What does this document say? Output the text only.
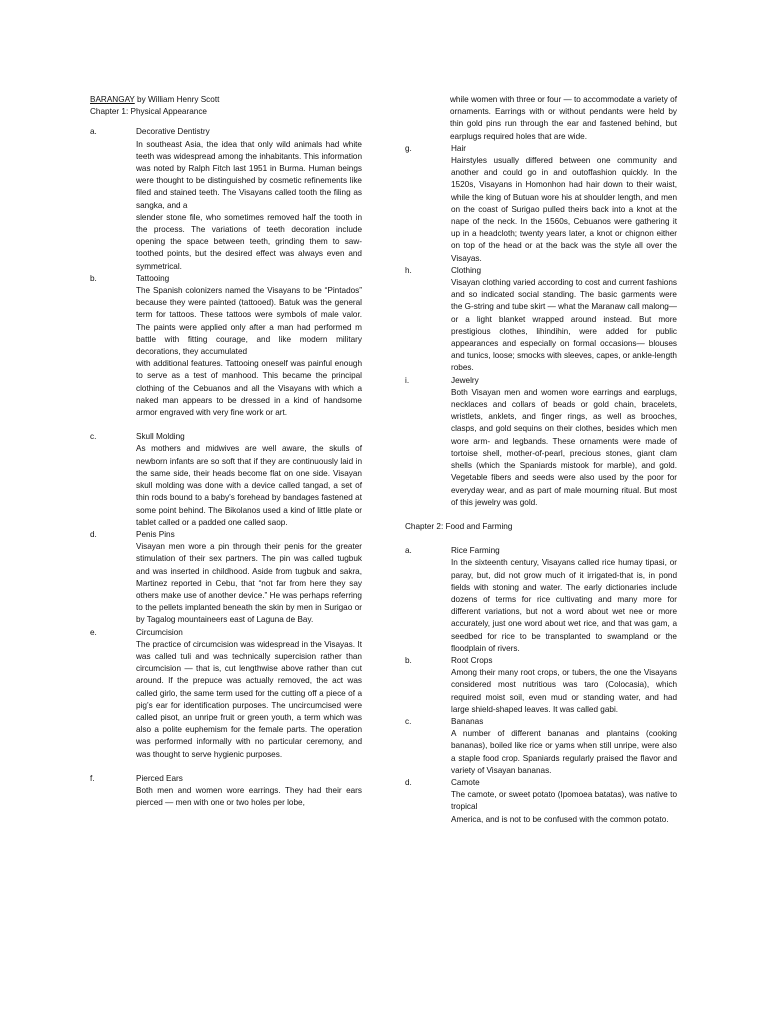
BARANGAY by William Henry Scott

Chapter 1: Physical Appearance

a.	Decorative Dentistry

In southeast Asia, the idea that only wild animals had white teeth was widespread among the inhabitants. This information was noted by Ralph Fitch last 1951 in Burma. Human beings were thought to be distinguished by cosmetic refinements like filed and stained teeth. The Visayans called tooth the filing as sangka, and a

slender stone file, who sometimes removed half the tooth in the process. The variations of teeth decoration include opening the space between teeth, grinding them to saw-toothed points, but the desired effect was always even and symmetrical.

b.	Tattooing

The Spanish colonizers named the Visayans to be “Pintados” because they were painted (tattooed). Batuk was the general term for tattoos. These tattoos were symbols of male valor. The paints were applied only after a man had performed m battle with fitting courage, and like modern military decorations, they accumulated

with additional features. Tattooing oneself was painful enough to serve as a test of manhood. This became the principal clothing of the Cebuanos and all the Visayans with which a naked man appears to be dressed in a kind of handsome armor engraved with very fine work or art.

c.	Skull Molding

As mothers and midwives are well aware, the skulls of newborn infants are so soft that if they are continuously laid in the same side, their heads become flat on one side. Visayan skull molding was done with a device called tangad, a set of thin rods bound to a baby’s forehead by bandages fastened at some point behind. The Bikolanos used a kind of little plate or tablet called or a padded one called saop.

d.	Penis Pins

Visayan men wore a pin through their penis for the greater stimulation of their sex partners. The pin was called tugbuk and was inserted in childhood. Aside from tugbuk and sakra, Martinez reported in Cebu, that “not far from here they say others make use of another device.” He was perhaps referring to the pellets implanted beneath the skin by men in Surigao or by Tagalog mountaineers east of Laguna de Bay.

e.	Circumcision

The practice of circumcision was widespread in the Visayas. It was called tuli and was technically supercision rather than circumcision — that is, cut lengthwise above rather than cut around. If the prepuce was actually removed, the act was called girlo, the same term used for the cutting off a piece of a pig’s ear for identification purposes. The uncircumcised were called pisot, an unripe fruit or green youth, a term which was also a polite euphemism for the female parts. The operation was performed informally with no particular ceremony, and was thought to serve hygienic purposes.

f.	Pierced Ears

Both men and women wore earrings. They had their ears pierced — men with one or two holes per lobe,

while women with three or four — to accommodate a variety of ornaments. Earrings with or without pendants were held by thin gold pins run through the ear and fastened behind, but earplugs required holes that are wide.

g.	Hair

Hairstyles usually differed between one community and another and could go in and outoffashion quickly. In the 1520s, Visayans in Homonhon had hair down to their waist, while the king of Butuan wore his at shoulder length, and men on the coast of Surigao pulled theirs back into a knot at the nape of the neck. In the 1560s, Cebuanos were gathering it up in a headcloth; twenty years later, a knot or chignon either on top of the head or at the back was the style all over the Visayas.

h.	Clothing

Visayan clothing varied according to cost and current fashions and so indicated social standing. The basic garments were the G-string and tube skirt — what the Maranaw call malong— or a light blanket wrapped around instead. But more prestigious clothes, lihindihin, were added for public appearances and especially on formal occasions— blouses and tunics, loose; smocks with sleeves, capes, or ankle-length robes.

i.	Jewelry

Both Visayan men and women wore earrings and earplugs, necklaces and collars of beads or gold chain, bracelets, wristlets, anklets, and finger rings, as well as brooches, clasps, and gold sequins on their clothes, besides which men wore arm- and legbands. These ornaments were made of tortoise shell, mother-of-pearl, precious stones, giant clam shells (which the Spaniards mistook for marble), and gold. Vegetable fibers and seeds were also used by the poor for everyday wear, and as part of male mourning ritual. But most of this jewelry was gold.

Chapter 2: Food and Farming

a.	Rice Farming

In the sixteenth century, Visayans called rice humay tipasi, or paray, but, did not grow much of it irrigated-that is, in pond fields with stoning and water. The early dictionaries include dozens of terms for rice cultivating and many more for different variations, but not a word about wet nee or more accurately, just one word about wet rice, and that was gam, a seedbed for rice to be transplanted to swampland or the floodplain of rivers.

b.	Root Crops

Among their many root crops, or tubers, the one the Visayans considered most nutritious was taro (Colocasia), which required moist soil, even mud or standing water, and had large shield-shaped leaves. It was called gabi.

c.	Bananas

A number of different bananas and plantains (cooking bananas), boiled like rice or yams when still unripe, were also a staple food crop. Spaniards regularly praised the flavor and variety of Visayan bananas.

d.	Camote

The camote, or sweet potato (Ipomoea batatas), was native to tropical

America, and is not to be confused with the common potato.
